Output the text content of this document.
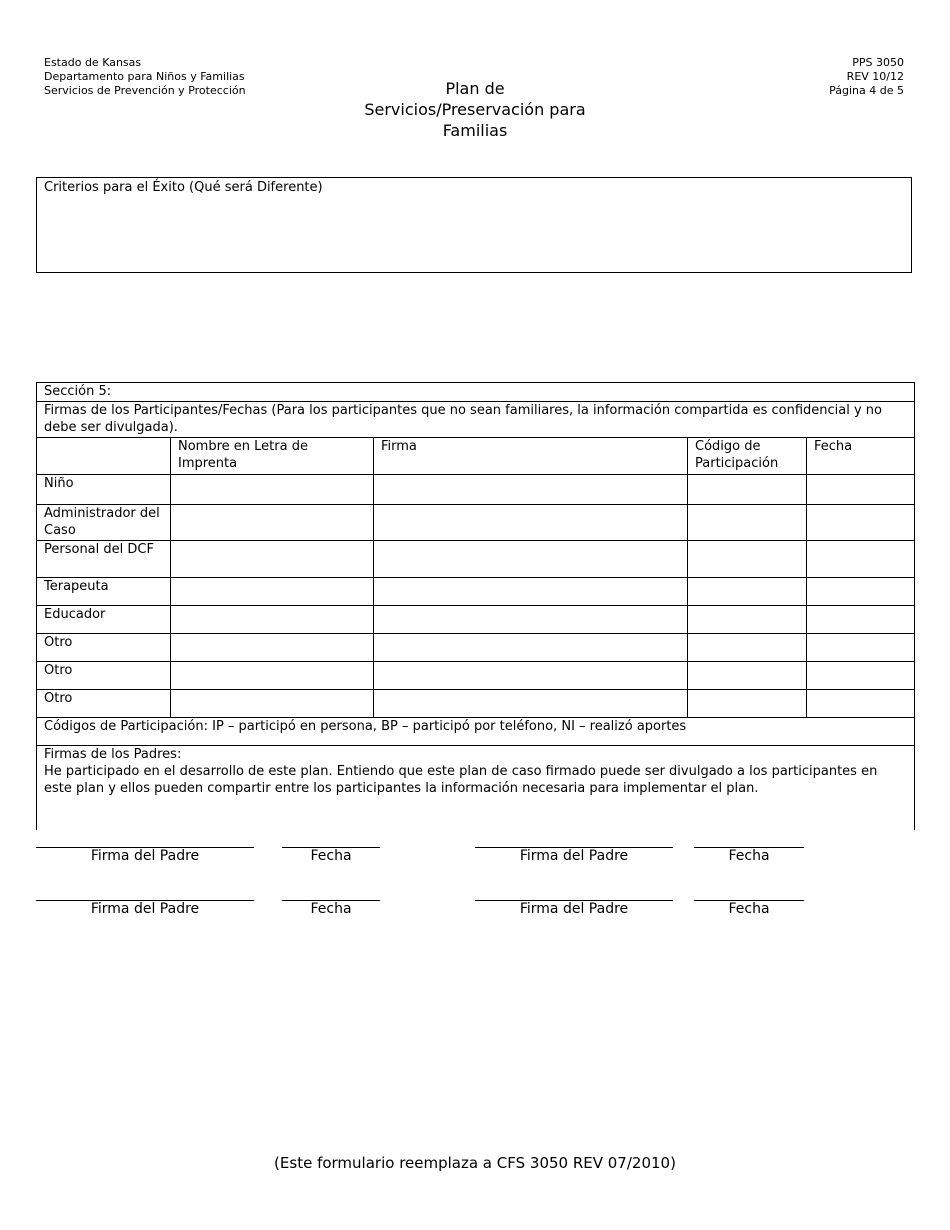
Estado de Kansas
Departamento para Niños y Familias
Servicios de Prevención y Protección	Plan de
Servicios/Preservación para
Familias
PPS 3050
REV 10/12
Página 4 de 5
Criterios para el Éxito (Qué será Diferente)
Sección 5:				
Firmas de los Participantes/Fechas (Para los participantes que no sean familiares, la información compartida es confidencial y no debe ser divulgada).				
	Nombre en Letra de Imprenta	Firma	Código de Participación	Fecha
Niño				
Administrador del Caso				
Personal del DCF				
Terapeuta				
Educador				
Otro				
Otro				
Otro				
Códigos de Participación: IP – participó en persona, BP – participó por teléfono, NI – realizó aportes				

Firmas de los Padres:
He participado en el desarrollo de este plan. Entiendo que este plan de caso firmado puede ser divulgado a los participantes en este plan y ellos pueden compartir entre los participantes la información necesaria para implementar el plan.				
Firma del Padre	Fecha	Firma del Padre	Fecha
Firma del Padre	Fecha	Firma del Padre	Fecha
(Este formulario reemplaza a CFS 3050 REV 07/2010)
